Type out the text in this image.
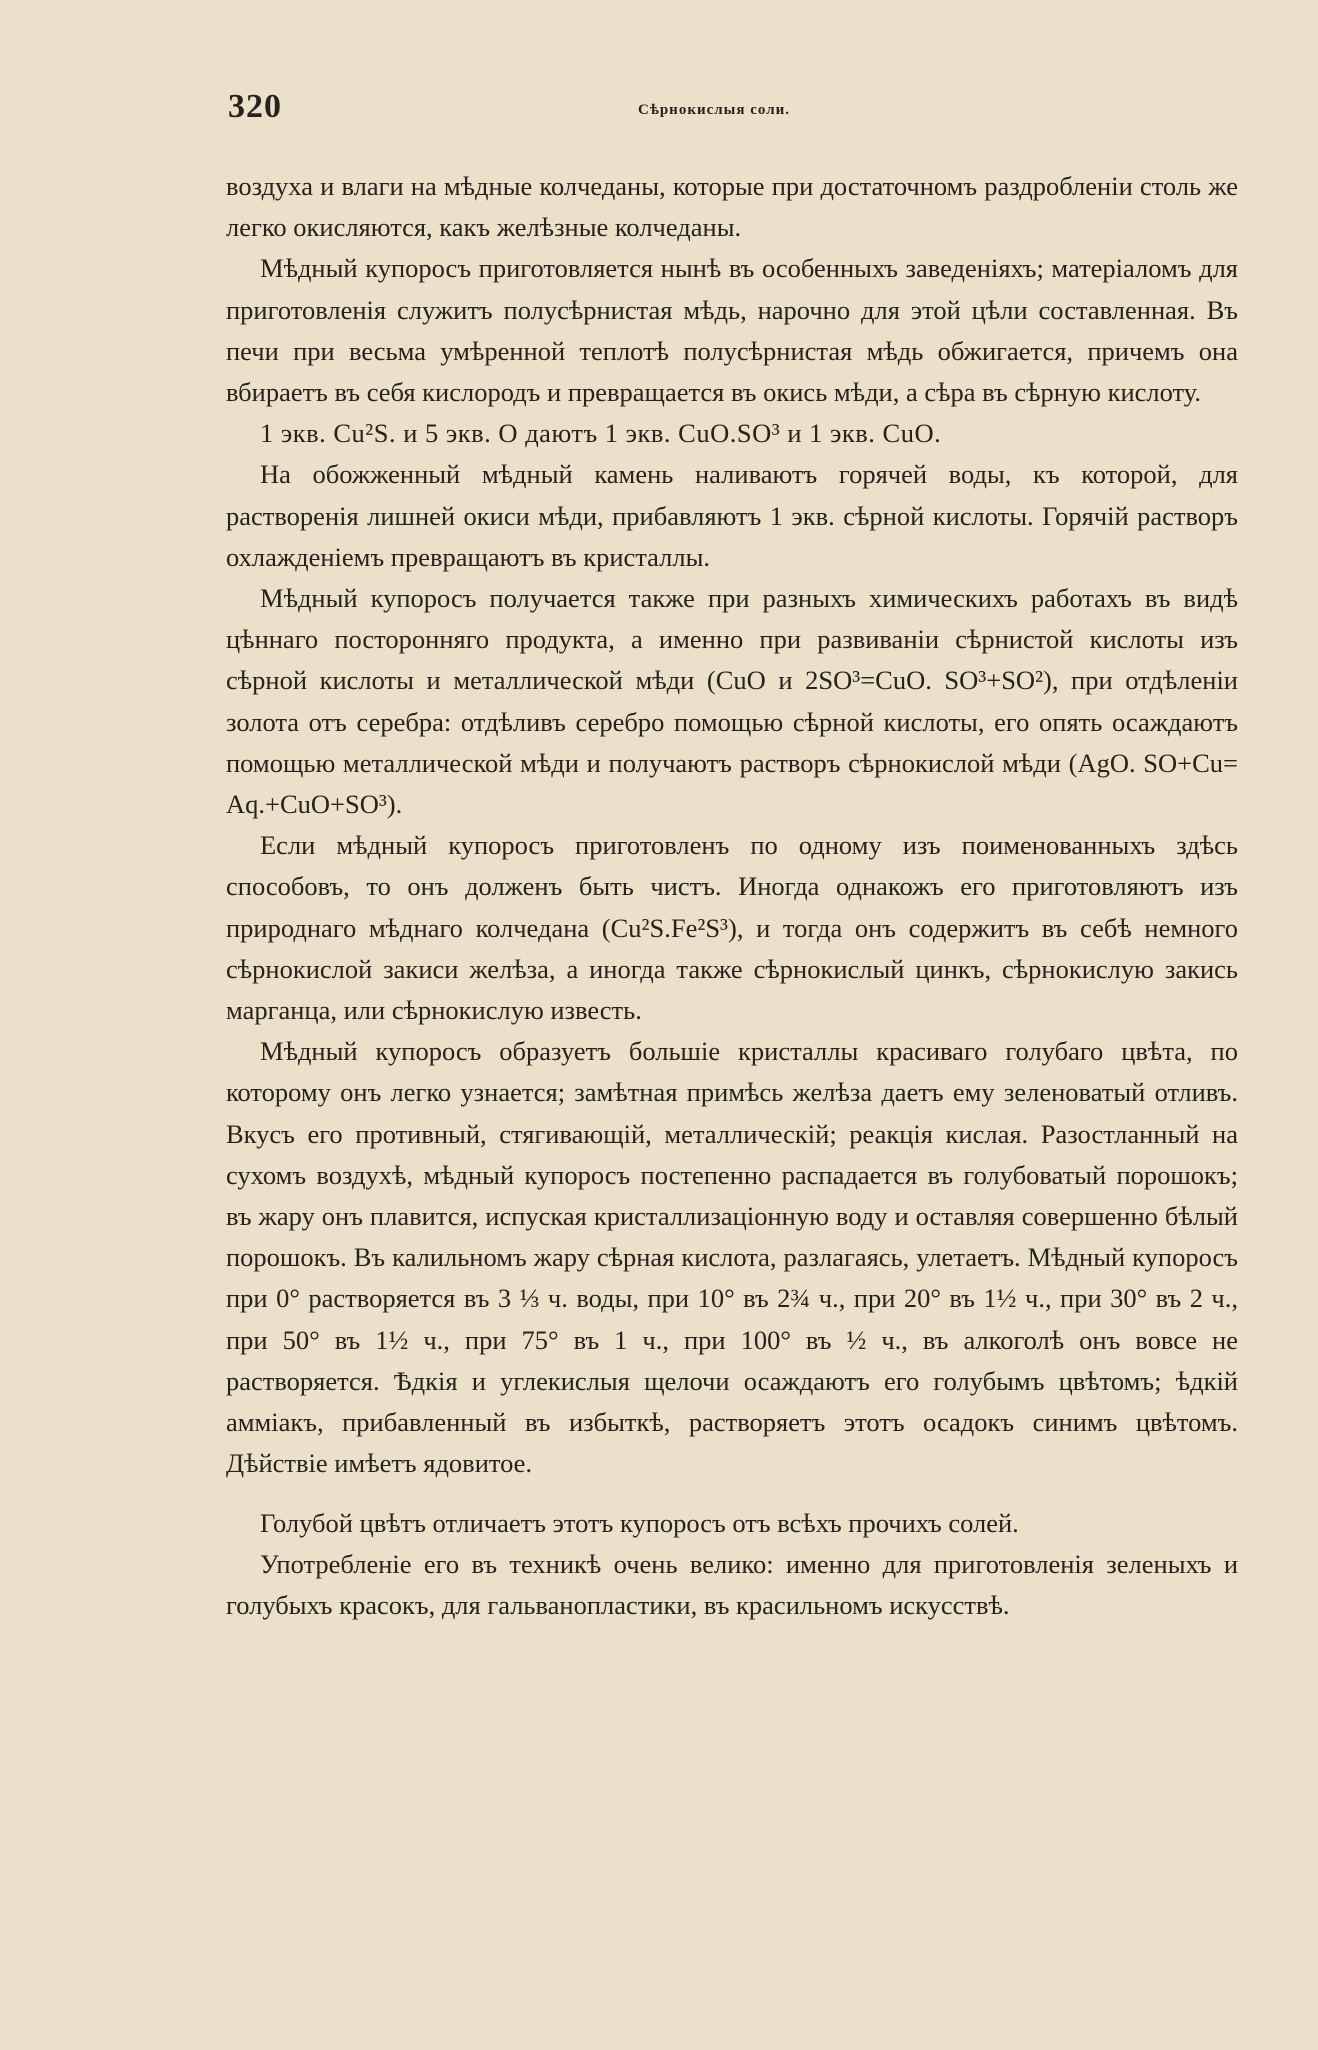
320	Сѣрнокислыя соли.

воздуха и влаги на мѣдные колчеданы, которые при достаточномъ раздробленіи столь же легко окисляются, какъ желѣзные колчеданы.

Мѣдный купоросъ приготовляется нынѣ въ особенныхъ заведеніяхъ; матеріаломъ для приготовленія служитъ полусѣрнистая мѣдь, нарочно для этой цѣли составленная. Въ печи при весьма умѣренной теплотѣ полусѣрнистая мѣдь обжигается, причемъ она вбираетъ въ себя кислородъ и превращается въ окись мѣди, а сѣра въ сѣрную кислоту.

1 экв. Cu²S. и 5 экв. O даютъ 1 экв. CuO.SO³ и 1 экв. CuO.

На обожженный мѣдный камень наливаютъ горячей воды, къ которой, для растворенія лишней окиси мѣди, прибавляютъ 1 экв. сѣрной кислоты. Горячій растворъ охлажденіемъ превращаютъ въ кристаллы.

Мѣдный купоросъ получается также при разныхъ химическихъ работахъ въ видѣ цѣннаго посторонняго продукта, а именно при развиваніи сѣрнистой кислоты изъ сѣрной кислоты и металлической мѣди (CuO и 2SO³=CuO. SO³+SO²), при отдѣленіи золота отъ серебра: отдѣливъ серебро помощью сѣрной кислоты, его опять осаждаютъ помощью металлической мѣди и получаютъ растворъ сѣрнокислой мѣди (AgO. SO+Cu= Aq.+CuO+SO³).

Если мѣдный купоросъ приготовленъ по одному изъ поименованныхъ здѣсь способовъ, то онъ долженъ быть чистъ. Иногда однакожъ его приготовляютъ изъ природнаго мѣднаго колчедана (Cu²S.Fe²S³), и тогда онъ содержитъ въ себѣ немного сѣрнокислой закиси желѣза, а иногда также сѣрнокислый цинкъ, сѣрнокислую закись марганца, или сѣрнокислую известь.

Мѣдный купоросъ образуетъ большіе кристаллы красиваго голубаго цвѣта, по которому онъ легко узнается; замѣтная примѣсь желѣза даетъ ему зеленоватый отливъ. Вкусъ его противный, стягивающій, металлическій; реакція кислая. Разостланный на сухомъ воздухѣ, мѣдный купоросъ постепенно распадается въ голубоватый порошокъ; въ жару онъ плавится, испуская кристаллизаціонную воду и оставляя совершенно бѣлый порошокъ. Въ калильномъ жару сѣрная кислота, разлагаясь, улетаетъ. Мѣдный купоросъ при 0° растворяется въ 3 ⅓ ч. воды, при 10° въ 2¾ ч., при 20° въ 1½ ч., при 30° въ 2 ч., при 50° въ 1½ ч., при 75° въ 1 ч., при 100° въ ½ ч., въ алкоголѣ онъ вовсе не растворяется. Ѣдкія и углекислыя щелочи осаждаютъ его голубымъ цвѣтомъ; ѣдкій амміакъ, прибавленный въ избыткѣ, растворяетъ этотъ осадокъ синимъ цвѣтомъ. Дѣйствіе имѣетъ ядовитое.

Голубой цвѣтъ отличаетъ этотъ купоросъ отъ всѣхъ прочихъ солей.

Употребленіе его въ техникѣ очень велико: именно для приготовленія зеленыхъ и голубыхъ красокъ, для гальванопластики, въ красильномъ искусствѣ.
